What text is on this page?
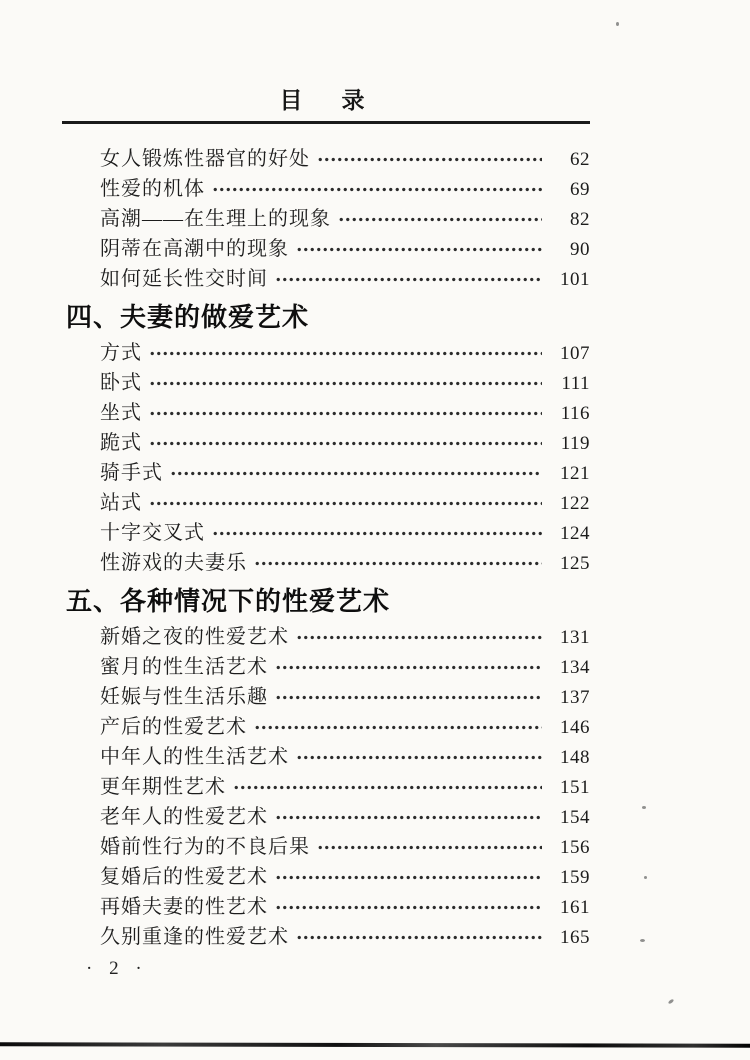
目　录
女人锻炼性器官的好处	62
性爱的机体	69
高潮——在生理上的现象	82
阴蒂在高潮中的现象	90
如何延长性交时间	101
四、夫妻的做爱艺术
方式	107
卧式	111
坐式	116
跪式	119
骑手式	121
站式	122
十字交叉式	124
性游戏的夫妻乐	125
五、各种情况下的性爱艺术
新婚之夜的性爱艺术	131
蜜月的性生活艺术	134
妊娠与性生活乐趣	137
产后的性爱艺术	146
中年人的性生活艺术	148
更年期性艺术	151
老年人的性爱艺术	154
婚前性行为的不良后果	156
复婚后的性爱艺术	159
再婚夫妻的性艺术	161
久别重逢的性爱艺术	165
· 2 ·
